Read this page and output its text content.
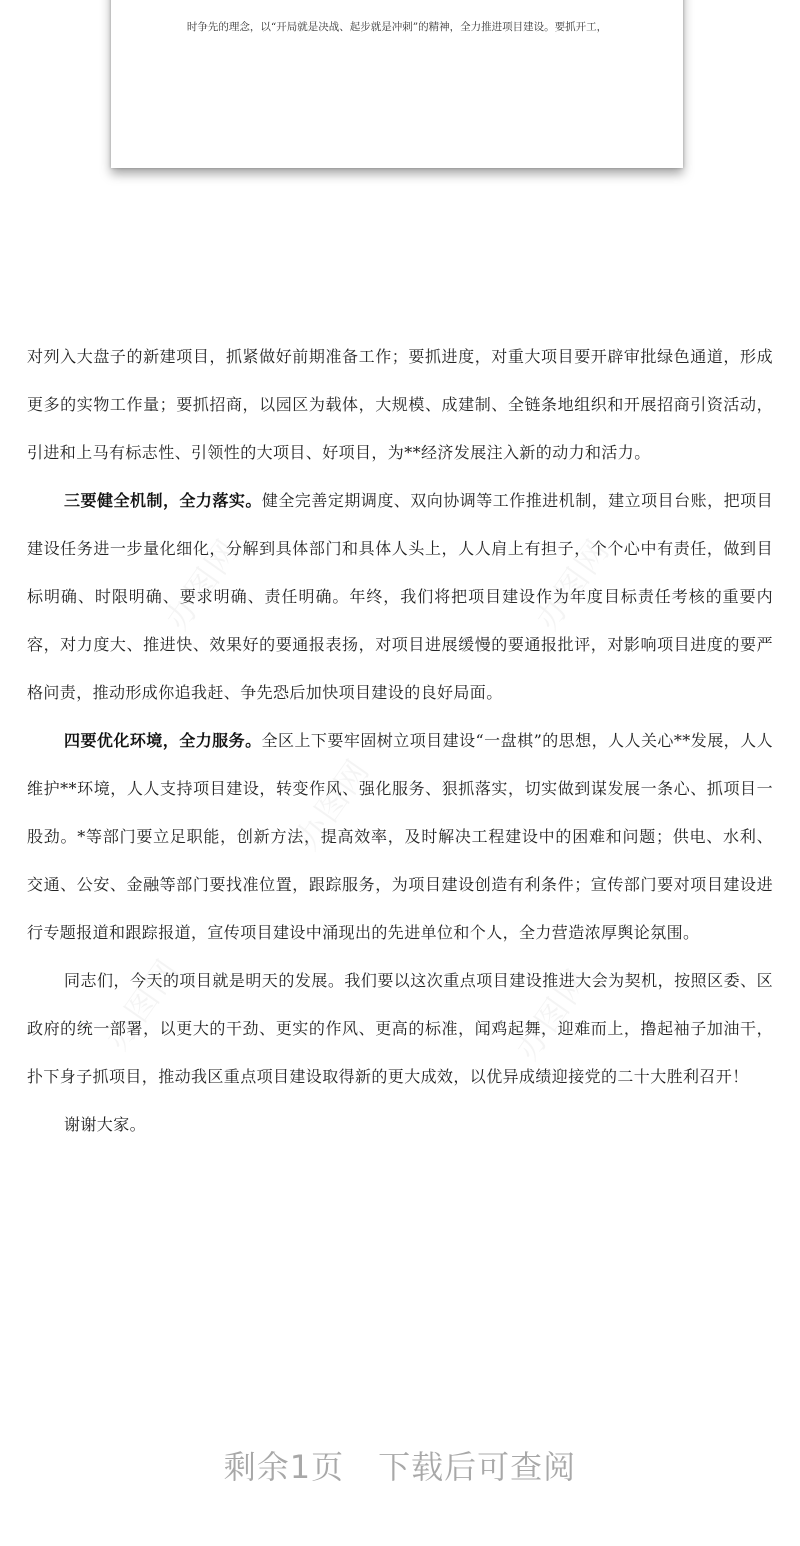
时争先的理念，以“开局就是决战、起步就是冲刺”的精神，全力推进项目建设。要抓开工，

对列入大盘子的新建项目，抓紧做好前期准备工作；要抓进度，对重大项目要开辟审批绿色通道，形成更多的实物工作量；要抓招商，以园区为载体，大规模、成建制、全链条地组织和开展招商引资活动，引进和上马有标志性、引领性的大项目、好项目，为**经济发展注入新的动力和活力。

三要健全机制，全力落实。健全完善定期调度、双向协调等工作推进机制，建立项目台账，把项目建设任务进一步量化细化，分解到具体部门和具体人头上，人人肩上有担子，个个心中有责任，做到目标明确、时限明确、要求明确、责任明确。年终，我们将把项目建设作为年度目标责任考核的重要内容，对力度大、推进快、效果好的要通报表扬，对项目进展缓慢的要通报批评，对影响项目进度的要严格问责，推动形成你追我赶、争先恐后加快项目建设的良好局面。

四要优化环境，全力服务。全区上下要牢固树立项目建设“一盘棋”的思想，人人关心**发展，人人维护**环境，人人支持项目建设，转变作风、强化服务、狠抓落实，切实做到谋发展一条心、抓项目一股劲。*等部门要立足职能，创新方法，提高效率，及时解决工程建设中的困难和问题；供电、水利、交通、公安、金融等部门要找准位置，跟踪服务，为项目建设创造有利条件；宣传部门要对项目建设进行专题报道和跟踪报道，宣传项目建设中涌现出的先进单位和个人，全力营造浓厚舆论氛围。

同志们，今天的项目就是明天的发展。我们要以这次重点项目建设推进大会为契机，按照区委、区政府的统一部署，以更大的干劲、更实的作风、更高的标准，闻鸡起舞，迎难而上，撸起袖子加油干，扑下身子抓项目，推动我区重点项目建设取得新的更大成效，以优异成绩迎接党的二十大胜利召开！

谢谢大家。

剩余1页 下载后可查阅
